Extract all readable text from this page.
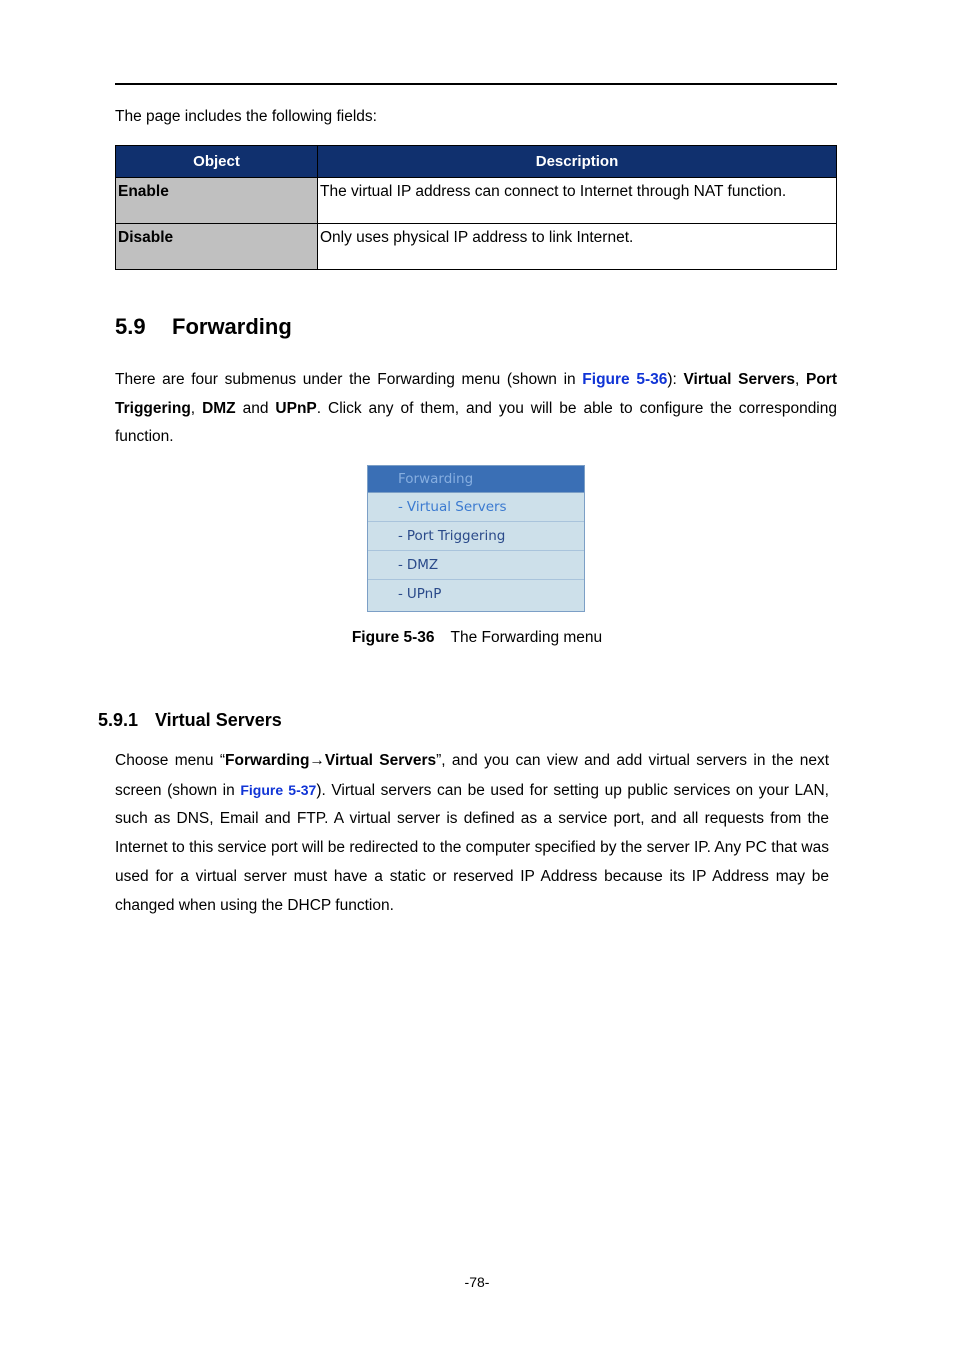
The page includes the following fields:
Object	Description
Enable	The virtual IP address can connect to Internet through NAT function.
Disable	Only uses physical IP address to link Internet.
5.9 Forwarding

There are four submenus under the Forwarding menu (shown in Figure 5-36): Virtual Servers, Port Triggering, DMZ and UPnP. Click any of them, and you will be able to configure the corresponding function.

Forwarding
- Virtual Servers
- Port Triggering
- DMZ
- UPnP
Figure 5-36 The Forwarding menu
5.9.1 Virtual Servers

Choose menu “Forwarding→Virtual Servers”, and you can view and add virtual servers in the next screen (shown in Figure 5-37). Virtual servers can be used for setting up public services on your LAN, such as DNS, Email and FTP. A virtual server is defined as a service port, and all requests from the Internet to this service port will be redirected to the computer specified by the server IP. Any PC that was used for a virtual server must have a static or reserved IP Address because its IP Address may be changed when using the DHCP function.

-78-
